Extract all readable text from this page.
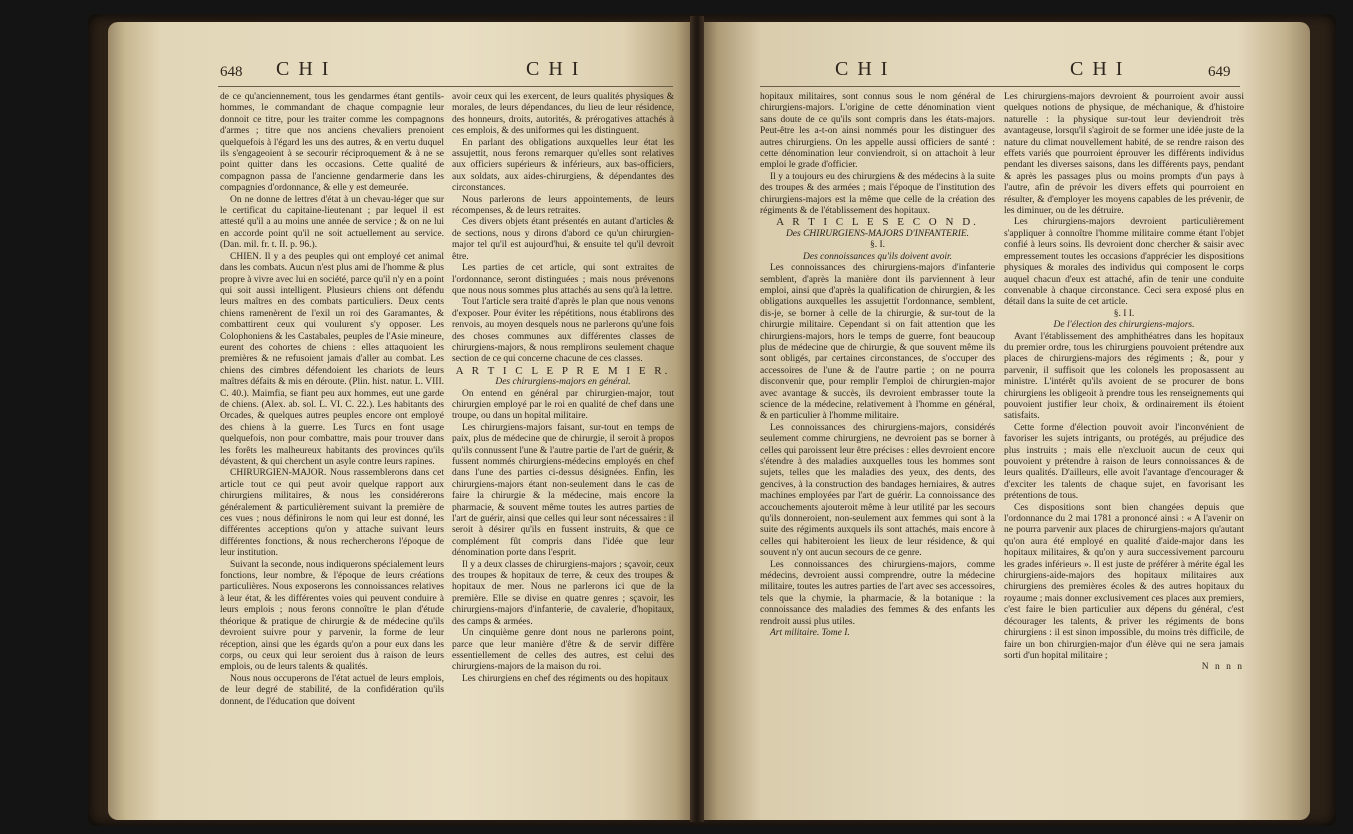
648 C H I	C H I

de ce qu'anciennement, tous les gendarmes étant gentils-hommes, le commandant de chaque compagnie leur donnoit ce titre, pour les traiter comme les compagnons d'armes ; titre que nos anciens chevaliers prenoient quelquefois à l'égard les uns des autres, & en vertu duquel ils s'engageoient à se secourir réciproquement & à ne se point quitter dans les occasions. Cette qualité de compagnon passa de l'ancienne gendarmerie dans les compagnies d'ordonnance, & elle y est demeurée.

On ne donne de lettres d'état à un chevau-léger que sur le certificat du capitaine-lieutenant ; par lequel il est attesté qu'il a au moins une année de service ; & on ne lui en accorde point qu'il ne soit actuellement au service. (Dan. mil. fr. t. II. p. 96.).

CHIEN. Il y a des peuples qui ont employé cet animal dans les combats. Aucun n'est plus ami de l'homme & plus propre à vivre avec lui en société, parce qu'il n'y en a point qui soit aussi intelligent. Plusieurs chiens ont défendu leurs maîtres en des combats particuliers. Deux cents chiens ramenèrent de l'exil un roi des Garamantes, & combattirent ceux qui voulurent s'y opposer. Les Colophoniens & les Castabales, peuples de l'Asie mineure, eurent des cohortes de chiens : elles attaquoient les premières & ne refusoient jamais d'aller au combat. Les chiens des cimbres défendoient les chariots de leurs maîtres défaits & mis en déroute. (Plin. hist. natur. L. VIII. C. 40.). Maimfia, se fiant peu aux hommes, eut une garde de chiens. (Alex. ab. sol. L. VI. C. 22.). Les habitants des Orcades, & quelques autres peuples encore ont employé des chiens à la guerre. Les Turcs en font usage quelquefois, non pour combattre, mais pour trouver dans les forêts les malheureux habitants des provinces qu'ils dévastent, & qui cherchent un asyle contre leurs rapines.

CHIRURGIEN-MAJOR. Nous rassemblerons dans cet article tout ce qui peut avoir quelque rapport aux chirurgiens militaires, & nous les considérerons généralement & particulièrement suivant la première de ces vues ; nous définirons le nom qui leur est donné, les différentes acceptions qu'on y attache suivant leurs différentes fonctions, & nous rechercherons l'époque de leur institution.

Suivant la seconde, nous indiquerons spécialement leurs fonctions, leur nombre, & l'époque de leurs créations particulières. Nous exposerons les connoissances relatives à leur état, & les différentes voies qui peuvent conduire à leurs emplois ; nous ferons connoître le plan d'étude théorique & pratique de chirurgie & de médecine qu'ils devroient suivre pour y parvenir, la forme de leur réception, ainsi que les égards qu'on a pour eux dans les corps, ou ceux qui leur seroient dus à raison de leurs emplois, ou de leurs talents & qualités.

Nous nous occuperons de l'état actuel de leurs emplois, de leur degré de stabilité, de la confidération qu'ils donnent, de l'éducation que doivent

avoir ceux qui les exercent, de leurs qualités physiques & morales, de leurs dépendances, du lieu de leur résidence, des honneurs, droits, autorités, & prérogatives attachés à ces emplois, & des uniformes qui les distinguent.

En parlant des obligations auxquelles leur état les assujettit, nous ferons remarquer qu'elles sont relatives aux officiers supérieurs & inférieurs, aux bas-officiers, aux soldats, aux aides-chirurgiens, & dépendantes des circonstances.

Nous parlerons de leurs appointements, de leurs récompenses, & de leurs retraites.

Ces divers objets étant présentés en autant d'articles & de sections, nous y dirons d'abord ce qu'un chirurgien-major tel qu'il est aujourd'hui, & ensuite tel qu'il devroit être.

Les parties de cet article, qui sont extraites de l'ordonnance, seront distinguées ; mais nous prévenons que nous nous sommes plus attachés au sens qu'à la lettre.

Tout l'article sera traité d'après le plan que nous venons d'exposer. Pour éviter les répétitions, nous établirons des renvois, au moyen desquels nous ne parlerons qu'une fois des choses communes aux différentes classes de chirurgiens-majors, & nous remplirons seulement chaque section de ce qui concerne chacune de ces classes.

A R T I C L E P R E M I E R.

Des chirurgiens-majors en général.

On entend en général par chirurgien-major, tout chirurgien employé par le roi en qualité de chef dans une troupe, ou dans un hopital militaire.

Les chirurgiens-majors faisant, sur-tout en temps de paix, plus de médecine que de chirurgie, il seroit à propos qu'ils connussent l'une & l'autre partie de l'art de guérir, & fussent nommés chirurgiens-médecins employés en chef dans l'une des parties ci-dessus désignées. Enfin, les chirurgiens-majors étant non-seulement dans le cas de faire la chirurgie & la médecine, mais encore la pharmacie, & souvent même toutes les autres parties de l'art de guérir, ainsi que celles qui leur sont nécessaires : il seroit à désirer qu'ils en fussent instruits, & que ce complément fût compris dans l'idée que leur dénomination porte dans l'esprit.

Il y a deux classes de chirurgiens-majors ; sçavoir, ceux des troupes & hopitaux de terre, & ceux des troupes & hopitaux de mer. Nous ne parlerons ici que de la première. Elle se divise en quatre genres ; sçavoir, les chirurgiens-majors d'infanterie, de cavalerie, d'hopitaux, des camps & armées.

Un cinquième genre dont nous ne parlerons point, parce que leur manière d'être & de servir diffère essentiellement de celles des autres, est celui des chirurgiens-majors de la maison du roi.

Les chirurgiens en chef des régiments ou des hopitaux

C H I	C H I	649

hopitaux militaires, sont connus sous le nom général de chirurgiens-majors. L'origine de cette dénomination vient sans doute de ce qu'ils sont compris dans les états-majors. Peut-être les a-t-on ainsi nommés pour les distinguer des autres chirurgiens. On les appelle aussi officiers de santé : cette dénomination leur conviendroit, si on attachoit à leur emploi le grade d'officier.

Il y a toujours eu des chirurgiens & des médecins à la suite des troupes & des armées ; mais l'époque de l'institution des chirurgiens-majors est la même que celle de la création des régiments & de l'établissement des hopitaux.

A R T I C L E S E C O N D.

Des CHIRURGIENS-MAJORS D'INFANTERIE.

§. I.

Des connoissances qu'ils doivent avoir.

Les connoissances des chirurgiens-majors d'infanterie semblent, d'après la manière dont ils parviennent à leur emploi, ainsi que d'après la qualification de chirurgien, & les obligations auxquelles les assujettit l'ordonnance, semblent, dis-je, se borner à celle de la chirurgie, & sur-tout de la chirurgie militaire. Cependant si on fait attention que les chirurgiens-majors, hors le temps de guerre, font beaucoup plus de médecine que de chirurgie, & que souvent même ils sont obligés, par certaines circonstances, de s'occuper des accessoires de l'une & de l'autre partie ; on ne pourra disconvenir que, pour remplir l'emploi de chirurgien-major avec avantage & succès, ils devroient embrasser toute la science de la médecine, relativement à l'homme en général, & en particulier à l'homme militaire.

Les connoissances des chirurgiens-majors, considérés seulement comme chirurgiens, ne devroient pas se borner à celles qui paroissent leur être précises : elles devroient encore s'étendre à des maladies auxquelles tous les hommes sont sujets, telles que les maladies des yeux, des dents, des gencives, à la construction des bandages herniaires, & autres machines employées par l'art de guérir. La connoissance des accouchements ajouteroit même à leur utilité par les secours qu'ils donneroient, non-seulement aux femmes qui sont à la suite des régiments auxquels ils sont attachés, mais encore à celles qui habiteroient les lieux de leur résidence, & qui souvent n'y ont aucun secours de ce genre.

Les connoissances des chirurgiens-majors, comme médecins, devroient aussi comprendre, outre la médecine militaire, toutes les autres parties de l'art avec ses accessoires, tels que la chymie, la pharmacie, & la botanique : la connoissance des maladies des femmes & des enfants les rendroit aussi plus utiles.

Art militaire. Tome I.

Les chirurgiens-majors devroient & pourroient avoir aussi quelques notions de physique, de méchanique, & d'histoire naturelle : la physique sur-tout leur deviendroit très avantageuse, lorsqu'il s'agiroit de se former une idée juste de la nature du climat nouvellement habité, de se rendre raison des effets variés que pourroient éprouver les différents individus pendant les diverses saisons, dans les différents pays, pendant & après les passages plus ou moins prompts d'un pays à l'autre, afin de prévoir les divers effets qui pourroient en résulter, & d'employer les moyens capables de les prévenir, de les diminuer, ou de les détruire.

Les chirurgiens-majors devroient particulièrement s'appliquer à connoître l'homme militaire comme étant l'objet confié à leurs soins. Ils devroient donc chercher & saisir avec empressement toutes les occasions d'apprécier les dispositions physiques & morales des individus qui composent le corps auquel chacun d'eux est attaché, afin de tenir une conduite convenable à chaque circonstance. Ceci sera exposé plus en détail dans la suite de cet article.

§. I I.

De l'élection des chirurgiens-majors.

Avant l'établissement des amphithéatres dans les hopitaux du premier ordre, tous les chirurgiens pouvoient prétendre aux places de chirurgiens-majors des régiments ; &, pour y parvenir, il suffisoit que les colonels les proposassent au ministre. L'intérêt qu'ils avoient de se procurer de bons chirurgiens les obligeoit à prendre tous les renseignements qui pouvoient justifier leur choix, & ordinairement ils étoient satisfaits.

Cette forme d'élection pouvoit avoir l'inconvénient de favoriser les sujets intrigants, ou protégés, au préjudice des plus instruits ; mais elle n'excluoit aucun de ceux qui pouvoient y prétendre à raison de leurs connoissances & de leurs qualités. D'ailleurs, elle avoit l'avantage d'encourager & d'exciter les talents de chaque sujet, en favorisant les prétentions de tous.

Ces dispositions sont bien changées depuis que l'ordonnance du 2 mai 1781 a prononcé ainsi : « A l'avenir on ne pourra parvenir aux places de chirurgiens-majors qu'autant qu'on aura été employé en qualité d'aide-major dans les hopitaux militaires, & qu'on y aura successivement parcouru les grades inférieurs ». Il est juste de préférer à mérite égal les chirurgiens-aide-majors des hopitaux militaires aux chirurgiens des premières écoles & des autres hopitaux du royaume ; mais donner exclusivement ces places aux premiers, c'est faire le bien particulier aux dépens du général, c'est décourager les talents, & priver les régiments de bons chirurgiens : il est sinon impossible, du moins très difficile, de faire un bon chirurgien-major d'un élève qui ne sera jamais sorti d'un hopital militaire ;

N n n n
